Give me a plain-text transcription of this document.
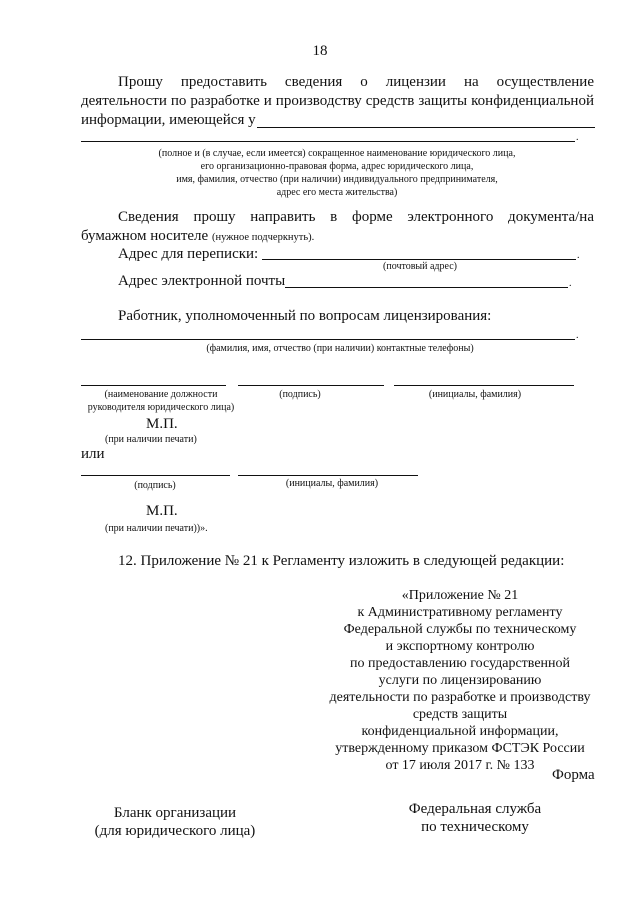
18
Прошу предоставить сведения о лицензии на осуществление
деятельности по разработке и производству средств защиты конфиденциальной
информации, имеющейся у
.
(полное и (в случае, если имеется) сокращенное наименование юридического лица,
его организационно-правовая форма, адрес юридического лица,
имя, фамилия, отчество (при наличии) индивидуального предпринимателя,
адрес его места жительства)
Сведения прошу направить в форме электронного документа/на
бумажном носителе (нужное подчеркнуть).
Адрес для переписки:	.
(почтовый адрес)
Адрес электронной почты	.
Работник, уполномоченный по вопросам лицензирования:
.
(фамилия, имя, отчество (при наличии) контактные телефоны)
(наименование должности
руководителя юридического лица)
(подпись)	(инициалы, фамилия)
М.П.
(при наличии печати)
или
(подпись)	(инициалы, фамилия)
М.П.
(при наличии печати))».
12. Приложение № 21 к Регламенту изложить в следующей редакции:
«Приложение № 21
к Административному регламенту
Федеральной службы по техническому
и экспортному контролю
по предоставлению государственной
услуги по лицензированию
деятельности по разработке и производству
средств защиты
конфиденциальной информации,
утвержденному приказом ФСТЭК России
от 17 июля 2017 г. № 133
Форма
Бланк организации
(для юридического лица)
Федеральная служба
по техническому
